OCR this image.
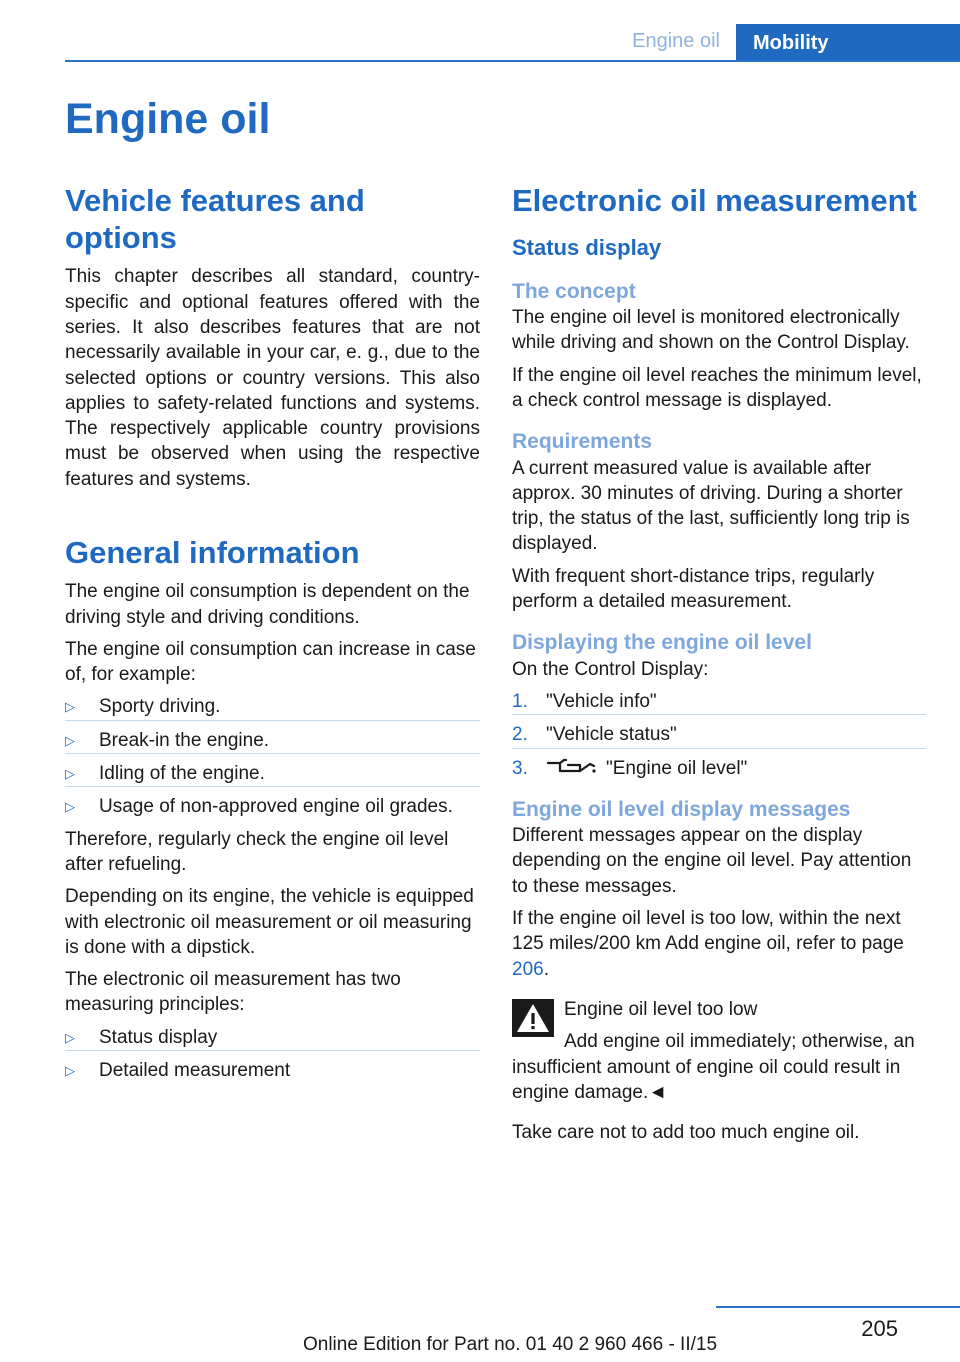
Engine oil	Mobility
Engine oil
Vehicle features and options

This chapter describes all standard, country-specific and optional features offered with the series. It also describes features that are not necessarily available in your car, e. g., due to the selected options or country versions. This also applies to safety-related functions and systems. The respectively applicable country provisions must be observed when using the respective features and systems.

General information

The engine oil consumption is dependent on the driving style and driving conditions.

The engine oil consumption can increase in case of, for example:

▷ Sporty driving.
▷ Break-in the engine.
▷ Idling of the engine.
▷ Usage of non-approved engine oil grades.

Therefore, regularly check the engine oil level after refueling.

Depending on its engine, the vehicle is equipped with electronic oil measurement or oil measuring is done with a dipstick.

The electronic oil measurement has two measuring principles:

▷ Status display
▷ Detailed measurement
Electronic oil measurement
Status display
The concept

The engine oil level is monitored electronically while driving and shown on the Control Display.

If the engine oil level reaches the minimum level, a check control message is displayed.

Requirements

A current measured value is available after approx. 30 minutes of driving. During a shorter trip, the status of the last, sufficiently long trip is displayed.

With frequent short-distance trips, regularly perform a detailed measurement.

Displaying the engine oil level

On the Control Display:

1. "Vehicle info"
2. "Vehicle status"
3.	"Engine oil level"
Engine oil level display messages

Different messages appear on the display depending on the engine oil level. Pay attention to these messages.

If the engine oil level is too low, within the next 125 miles/200 km Add engine oil, refer to page 206.

Engine oil level too low

Add engine oil immediately; otherwise, an insufficient amount of engine oil could result in engine damage.◄

Take care not to add too much engine oil.

205
Online Edition for Part no. 01 40 2 960 466 - II/15
